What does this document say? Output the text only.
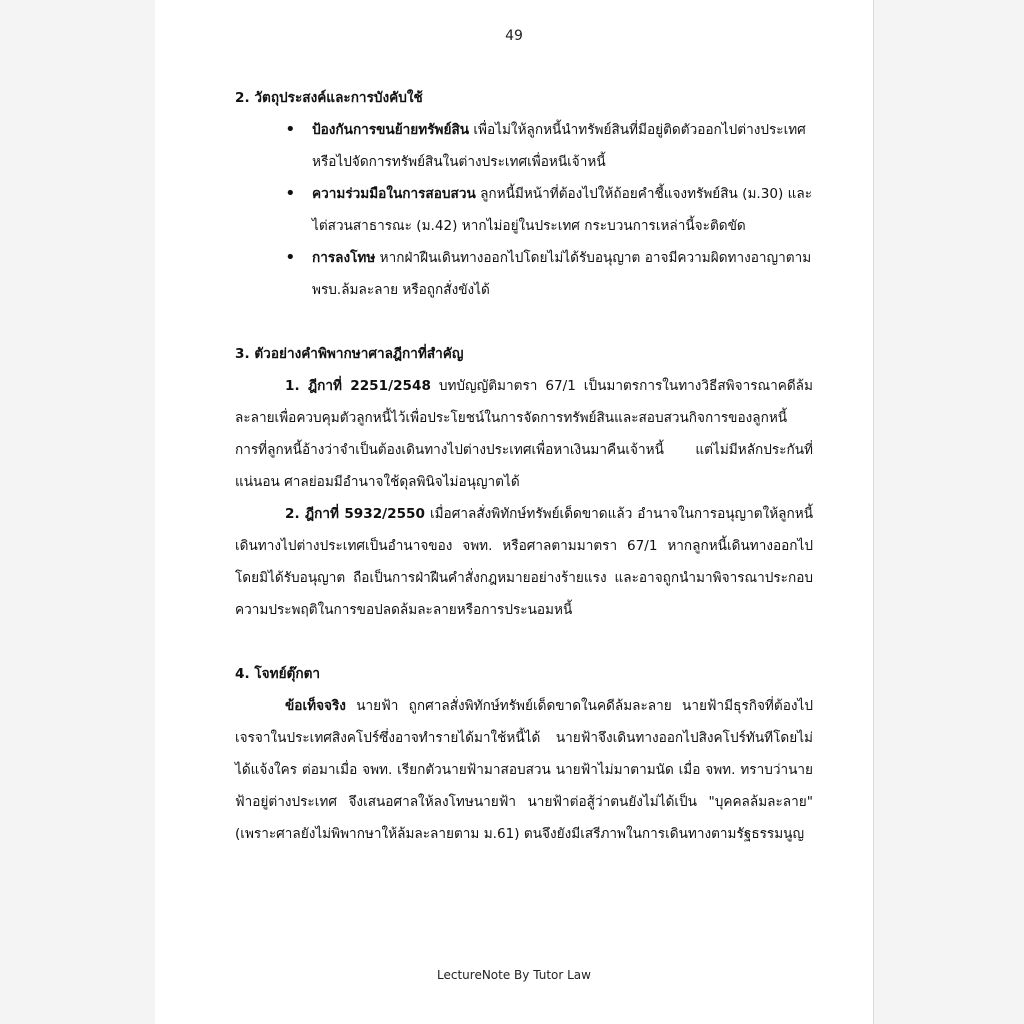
49

2. วัตถุประสงค์และการบังคับใช้

• ป้องกันการขนย้ายทรัพย์สิน เพื่อไม่ให้ลูกหนี้นำทรัพย์สินที่มีอยู่ติดตัวออกไปต่างประเทศ หรือไปจัดการทรัพย์สินในต่างประเทศเพื่อหนีเจ้าหนี้
• ความร่วมมือในการสอบสวน ลูกหนี้มีหน้าที่ต้องไปให้ถ้อยคำชี้แจงทรัพย์สิน (ม.30) และไต่สวนสาธารณะ (ม.42) หากไม่อยู่ในประเทศ กระบวนการเหล่านี้จะติดขัด
• การลงโทษ หากฝ่าฝืนเดินทางออกไปโดยไม่ได้รับอนุญาต อาจมีความผิดทางอาญาตาม พรบ.ล้มละลาย หรือถูกสั่งขังได้

3. ตัวอย่างคำพิพากษาศาลฎีกาที่สำคัญ

1. ฎีกาที่ 2251/2548 บทบัญญัติมาตรา 67/1 เป็นมาตรการในทางวิธีสพิจารณาคดีล้มละลายเพื่อควบคุมตัวลูกหนี้ไว้เพื่อประโยชน์ในการจัดการทรัพย์สินและสอบสวนกิจการของลูกหนี้ การที่ลูกหนี้อ้างว่าจำเป็นต้องเดินทางไปต่างประเทศเพื่อหาเงินมาคืนเจ้าหนี้ แต่ไม่มีหลักประกันที่แน่นอน ศาลย่อมมีอำนาจใช้ดุลพินิจไม่อนุญาตได้

2. ฎีกาที่ 5932/2550 เมื่อศาลสั่งพิทักษ์ทรัพย์เด็ดขาดแล้ว อำนาจในการอนุญาตให้ลูกหนี้เดินทางไปต่างประเทศเป็นอำนาจของ จพท. หรือศาลตามมาตรา 67/1 หากลูกหนี้เดินทางออกไปโดยมิได้รับอนุญาต ถือเป็นการฝ่าฝืนคำสั่งกฎหมายอย่างร้ายแรง และอาจถูกนำมาพิจารณาประกอบความประพฤติในการขอปลดล้มละลายหรือการประนอมหนี้

4. โจทย์ตุ๊กตา

ข้อเท็จจริง นายฟ้า ถูกศาลสั่งพิทักษ์ทรัพย์เด็ดขาดในคดีล้มละลาย นายฟ้ามีธุรกิจที่ต้องไปเจรจาในประเทศสิงคโปร์ซึ่งอาจทำรายได้มาใช้หนี้ได้ นายฟ้าจึงเดินทางออกไปสิงคโปร์ทันทีโดยไม่ได้แจ้งใคร ต่อมาเมื่อ จพท. เรียกตัวนายฟ้ามาสอบสวน นายฟ้าไม่มาตามนัด เมื่อ จพท. ทราบว่านายฟ้าอยู่ต่างประเทศ จึงเสนอศาลให้ลงโทษนายฟ้า นายฟ้าต่อสู้ว่าตนยังไม่ได้เป็น "บุคคลล้มละลาย" (เพราะศาลยังไม่พิพากษาให้ล้มละลายตาม ม.61) ตนจึงยังมีเสรีภาพในการเดินทางตามรัฐธรรมนูญ

LectureNote By Tutor Law
